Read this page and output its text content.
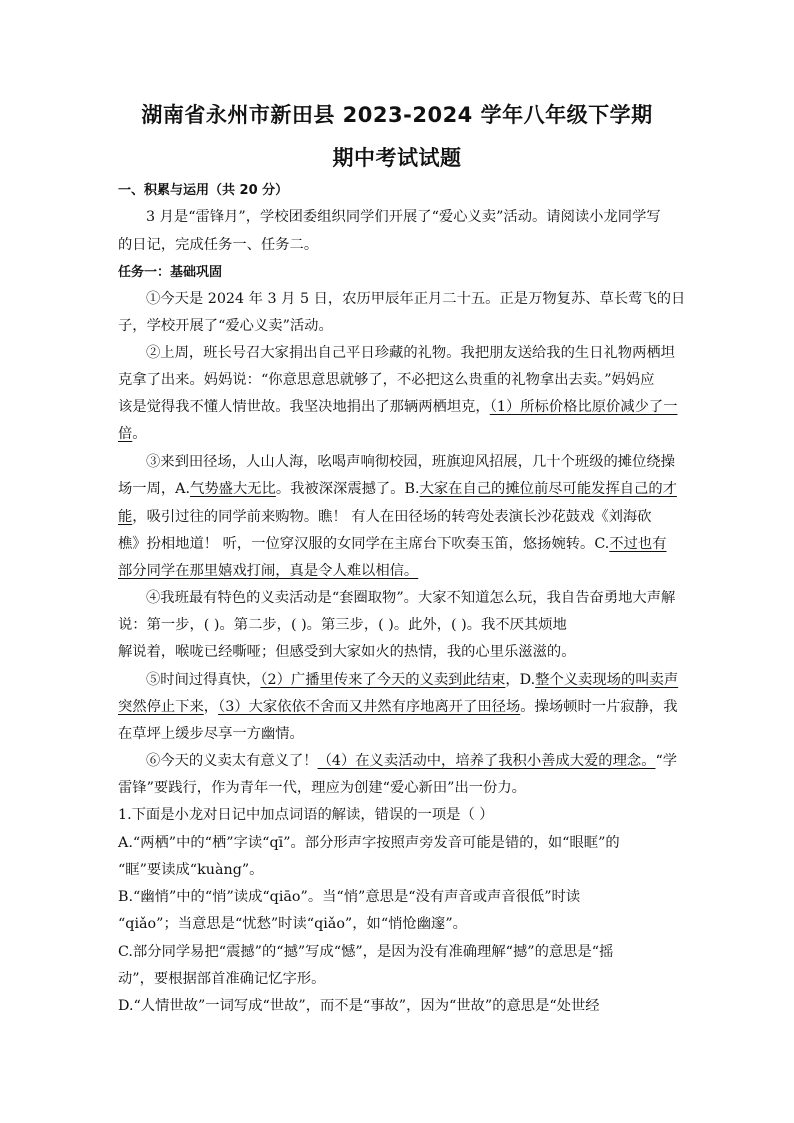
湖南省永州市新田县 2023-2024 学年八年级下学期
期中考试试题
一、积累与运用（共 20 分）
3 月是“雷锋月”，学校团委组织同学们开展了“爱心义卖”活动。请阅读小龙同学写
的日记，完成任务一、任务二。
任务一：基础巩固
①今天是 2024 年 3 月 5 日，农历甲辰年正月二十五。正是万物复苏、草长莺飞的日
子，学校开展了“爱心义卖”活动。
②上周，班长号召大家捐出自己平日珍藏的礼物。我把朋友送给我的生日礼物两栖坦
克拿了出来。妈妈说：“你意思意思就够了，不必把这么贵重的礼物拿出去卖。”妈妈应
该是觉得我不懂人情世故。我坚决地捐出了那辆两栖坦克，（1）所标价格比原价减少了一
倍。
③来到田径场，人山人海，吆喝声响彻校园，班旗迎风招展，几十个班级的摊位绕操
场一周，A.气势盛大无比。我被深深震撼了。B.大家在自己的摊位前尽可能发挥自己的才
能，吸引过往的同学前来购物。瞧！ 有人在田径场的转弯处表演长沙花鼓戏《刘海砍
樵》扮相地道！ 听，一位穿汉服的女同学在主席台下吹奏玉笛，悠扬婉转。C.不过也有
部分同学在那里嬉戏打闹，真是令人难以相信。
④我班最有特色的义卖活动是“套圈取物”。大家不知道怎么玩，我自告奋勇地大声解
说：第一步，( )。第二步，( )。第三步，( )。此外，( )。我不厌其烦地
解说着，喉咙已经嘶哑；但感受到大家如火的热情，我的心里乐滋滋的。
⑤时间过得真快，（2）广播里传来了今天的义卖到此结束，D.整个义卖现场的叫卖声
突然停止下来，（3）大家依依不舍而又井然有序地离开了田径场。操场顿时一片寂静，我
在草坪上缓步尽享一方幽情。
⑥今天的义卖太有意义了！（4）在义卖活动中，培养了我积小善成大爱的理念。“学
雷锋”要践行，作为青年一代，理应为创建“爱心新田”出一份力。
1.下面是小龙对日记中加点词语的解读，错误的一项是（ ）
A.“两栖”中的“栖”字读“qī”。部分形声字按照声旁发音可能是错的，如“眼眶”的
“眶”要读成“kuàng”。
B.“幽悄”中的“悄”读成“qiāo”。当“悄”意思是“没有声音或声音很低”时读
“qiǎo”；当意思是“忧愁”时读“qiǎo”，如“悄怆幽邃”。
C.部分同学易把“震撼”的“撼”写成“憾”，是因为没有准确理解“撼”的意思是“摇
动”，要根据部首准确记忆字形。
D.“人情世故”一词写成“世故”，而不是“事故”，因为“世故”的意思是“处世经
